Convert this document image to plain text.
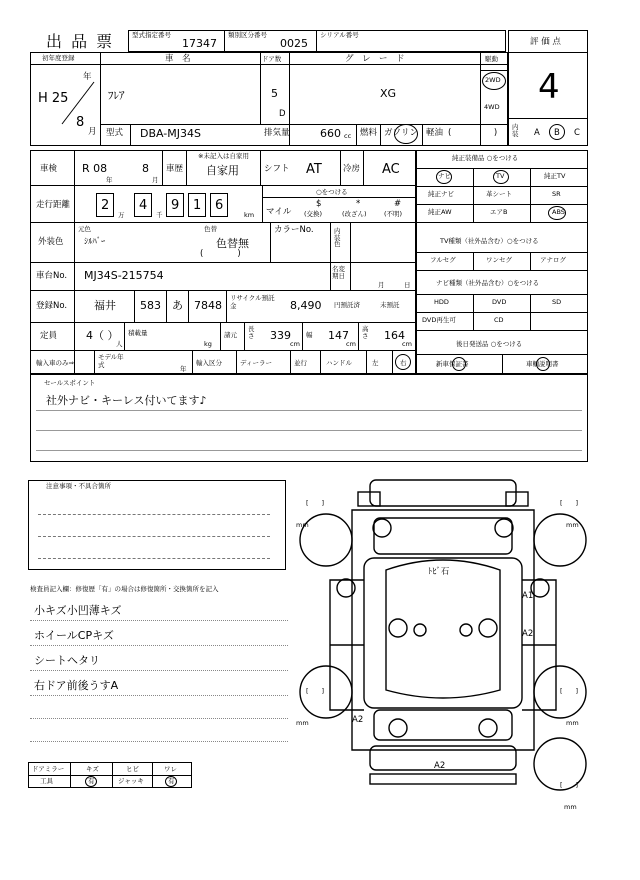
出 品 票	型式指定番号
17347
類別区分番号
0025
シリアル番号
評 価 点
4
初年度登録
年
H 25
8
月
車　名
ﾌﾚｱ
ドア数
5
D
グ　レ　ー　ド
XG
駆動
2WD
4WD
型式 DBA-MJ34S	排気量	660 cc 燃料 ガソリン 軽油 (　　　　　)
内装	A B C
車検 R 08
年
8
月
車歴
※未記入は自家用
自家用	シフト AT 冷房 AC
走行距離 2
万
4
千
9 1 6
km
○をつける
マイル
$
(交換)
*
(改ざん)
#
(不明)
外装色
元色
ｼﾙﾊﾞｰ
色替
色替無
(　　　　)
カラーNo.	内装色
車台No. MJ34S-215754	名変期日
月	日
登録No. 福井 583 あ 7848
リサイクル預託金	8,490 円預託済	未預託
定員	4（ ）
人
積載量
kg
諸元
長さ 339
cm
幅 147
cm
高さ 164
cm
輸入車のみ⇒
モデル年式
年
輸入区分	ディーラー	並行	ハンドル	左	右
純正装備品 ○をつける
ナビ	TV	純正TV
純正ナビ	革シート	SR
純正AW	エアB	ABS
TV種類（社外品含む）○をつける
フルセグ	ワンセグ	アナログ
ナビ種類（社外品含む）○をつける
HDD	DVD	SD
DVD再生可	CD
後日発送品 ○をつける
新車保証書	車輌説明書
セールスポイント
社外ナビ・キーレス付いてます♪
注意事項・不具合箇所
検査員記入欄：修復歴「有」の場合は修復箇所・交換箇所を記入
小キズ小凹薄キズ
ホイールCPキズ
シートヘタリ
右ドア前後うすA
ドアミラー	キズ	ヒビ	ワレ
工具	有	ジャッキ	有
[　　]
mm
[　　]
mm
[　　]
mm
[　　]
mm
[　　]
mm
ﾄﾋﾞ石
A1
A2
A2
A2
